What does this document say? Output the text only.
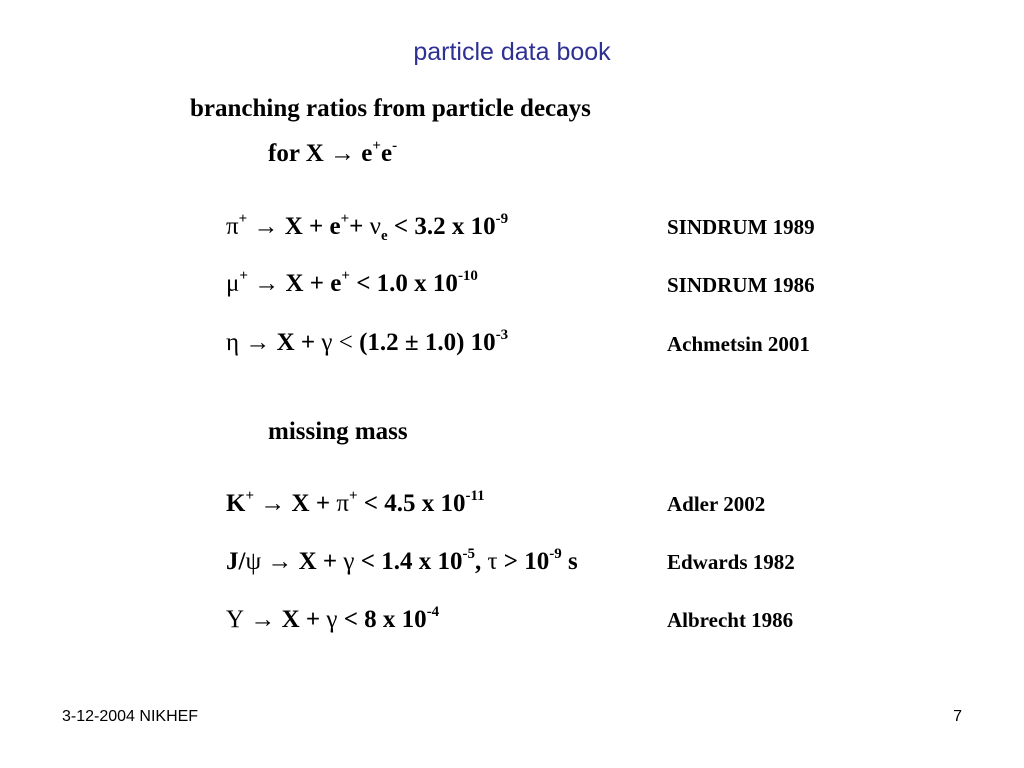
particle data book
branching ratios from particle decays
for X → e+e-
$\pi^+ \to X + e^++ \nu_e < 3.2$ x $10^{-9}$	SINDRUM 1989
μ+ → X + e+ < 1.0 x $10^{-10}$	SINDRUM 1986
η → X + γ < (1.2 ± 1.0) $10^{-3}$	Achmetsin 2001
missing mass
K+ → X + π+ < 4.5 x $10^{-11}$	Adler 2002
J/ψ → X + γ < 1.4 x $10^{-5}$, $\tau > 10^{-9}$ s	Edwards 1982
Υ → X + γ < 8 x $10^{-4}$	Albrecht 1986
3-12-2004 NIKHEF	7
